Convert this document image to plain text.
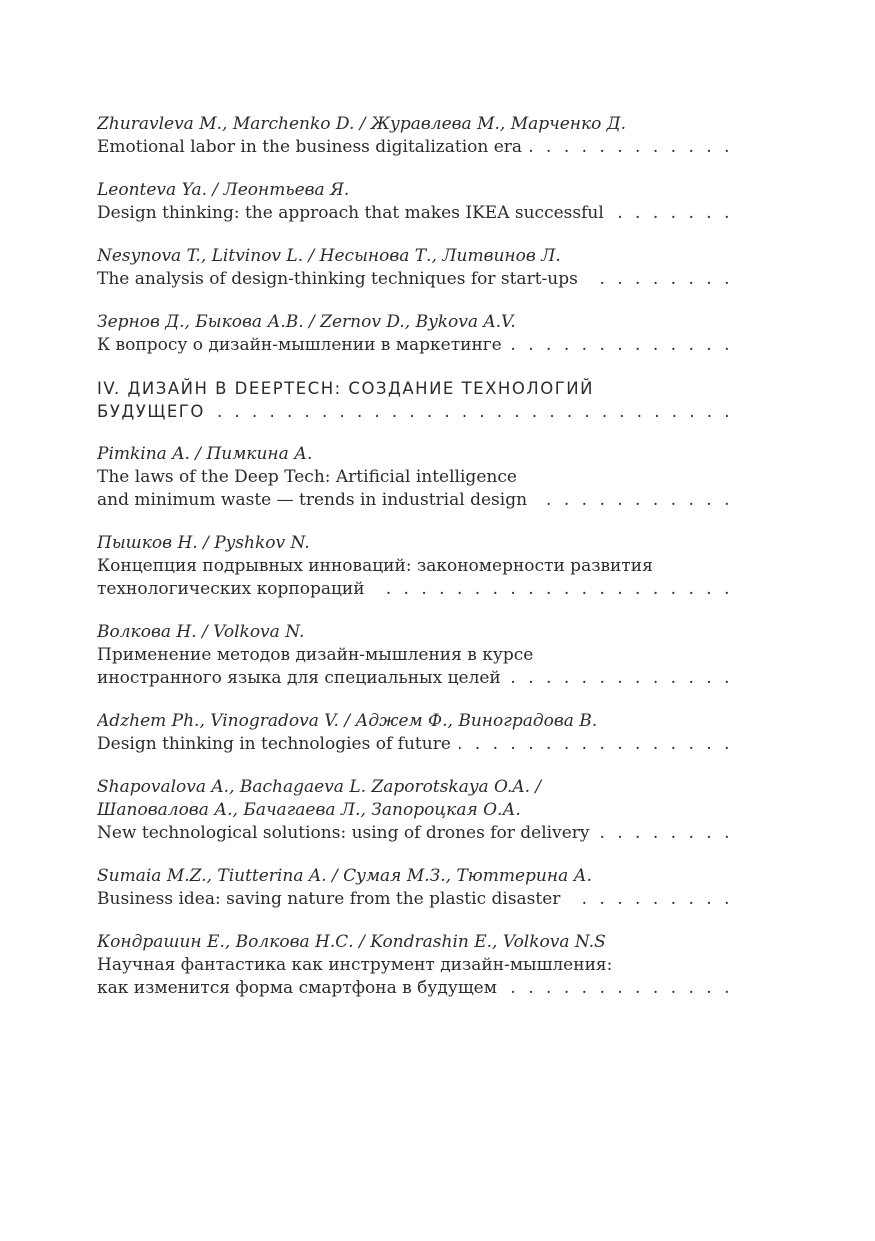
Zhuravleva M., Marchenko D. / Журавлева М., Марченко Д.
Emotional labor in the business digitalization era
. . .
Leonteva Ya. / Леонтьева Я.
Design thinking: the approach that makes IKEA successful
. . .
Nesynova T., Litvinov L. / Несынова Т., Литвинов Л.
The analysis of design-thinking techniques for start-ups
. . .
Зернов Д., Быкова А.В. / Zernov D., Bykova A.V.
К вопросу о дизайн-мышлении в маркетинге
. . .
IV. ДИЗАЙН В DEEPTECH: СОЗДАНИЕ ТЕХНОЛОГИЙ
БУДУЩЕГО
. . .
Pimkina A. / Пимкина А.
The laws of the Deep Tech: Artificial intelligence
and minimum waste — trends in industrial design
. . .
Пышков Н. / Pyshkov N.
Концепция подрывных инноваций: закономерности развития
технологических корпораций
. . .
Волкова Н. / Volkova N.
Применение методов дизайн-мышления в курсе
иностранного языка для специальных целей
. . .
Adzhem Ph., Vinogradova V. / Аджем Ф., Виноградова В.
Design thinking in technologies of future
. . .
Shapovalova A., Bachagaeva L. Zaporotskaya O.A. /
Шаповалова А., Бачагаева Л., Запороцкая О.А.
New technological solutions: using of drones for delivery
. . .
Sumaia M.Z., Tiutterina A. / Сумая М.З., Тюттерина А.
Business idea: saving nature from the plastic disaster
. . .
Кондрашин Е., Волкова Н.С. / Kondrashin E., Volkova N.S
Научная фантастика как инструмент дизайн-мышления:
как изменится форма смартфона в будущем
. . .
